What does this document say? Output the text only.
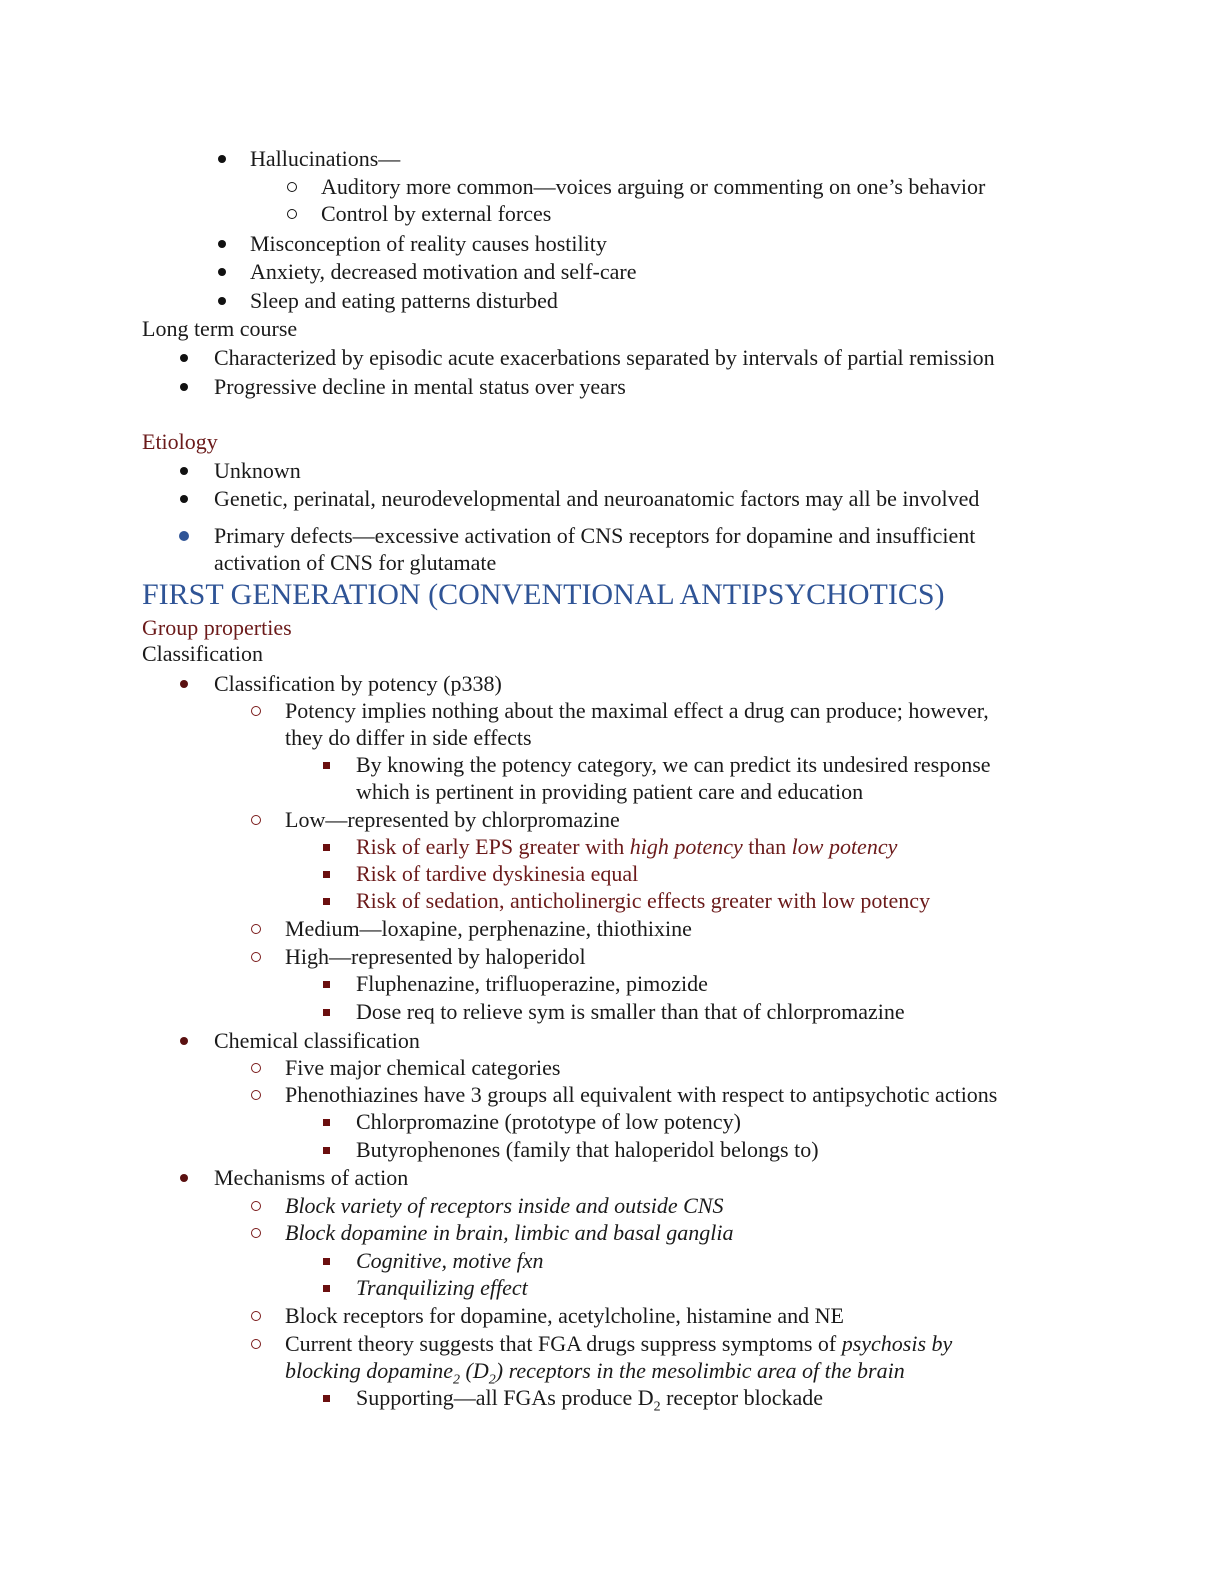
Hallucinations—
Auditory more common—voices arguing or commenting on one’s behavior
Control by external forces
Misconception of reality causes hostility
Anxiety, decreased motivation and self-care
Sleep and eating patterns disturbed
Long term course
Characterized by episodic acute exacerbations separated by intervals of partial remission
Progressive decline in mental status over years
Etiology
Unknown
Genetic, perinatal, neurodevelopmental and neuroanatomic factors may all be involved
Primary defects—excessive activation of CNS receptors for dopamine and insufficient
activation of CNS for glutamate
FIRST GENERATION (CONVENTIONAL ANTIPSYCHOTICS)
Group properties
Classification
Classification by potency (p338)
Potency implies nothing about the maximal effect a drug can produce; however,
they do differ in side effects
By knowing the potency category, we can predict its undesired response
which is pertinent in providing patient care and education
Low—represented by chlorpromazine
Risk of early EPS greater with high potency than low potency
Risk of tardive dyskinesia equal
Risk of sedation, anticholinergic effects greater with low potency
Medium—loxapine, perphenazine, thiothixine
High—represented by haloperidol
Fluphenazine, trifluoperazine, pimozide
Dose req to relieve sym is smaller than that of chlorpromazine
Chemical classification
Five major chemical categories
Phenothiazines have 3 groups all equivalent with respect to antipsychotic actions
Chlorpromazine (prototype of low potency)
Butyrophenones (family that haloperidol belongs to)
Mechanisms of action
Block variety of receptors inside and outside CNS
Block dopamine in brain, limbic and basal ganglia
Cognitive, motive fxn
Tranquilizing effect
Block receptors for dopamine, acetylcholine, histamine and NE
Current theory suggests that FGA drugs suppress symptoms of psychosis by
blocking dopamine$_2$ $(D_2)$ receptors in the mesolimbic area of the brain
Supporting—all FGAs produce $D_2$ receptor blockade
